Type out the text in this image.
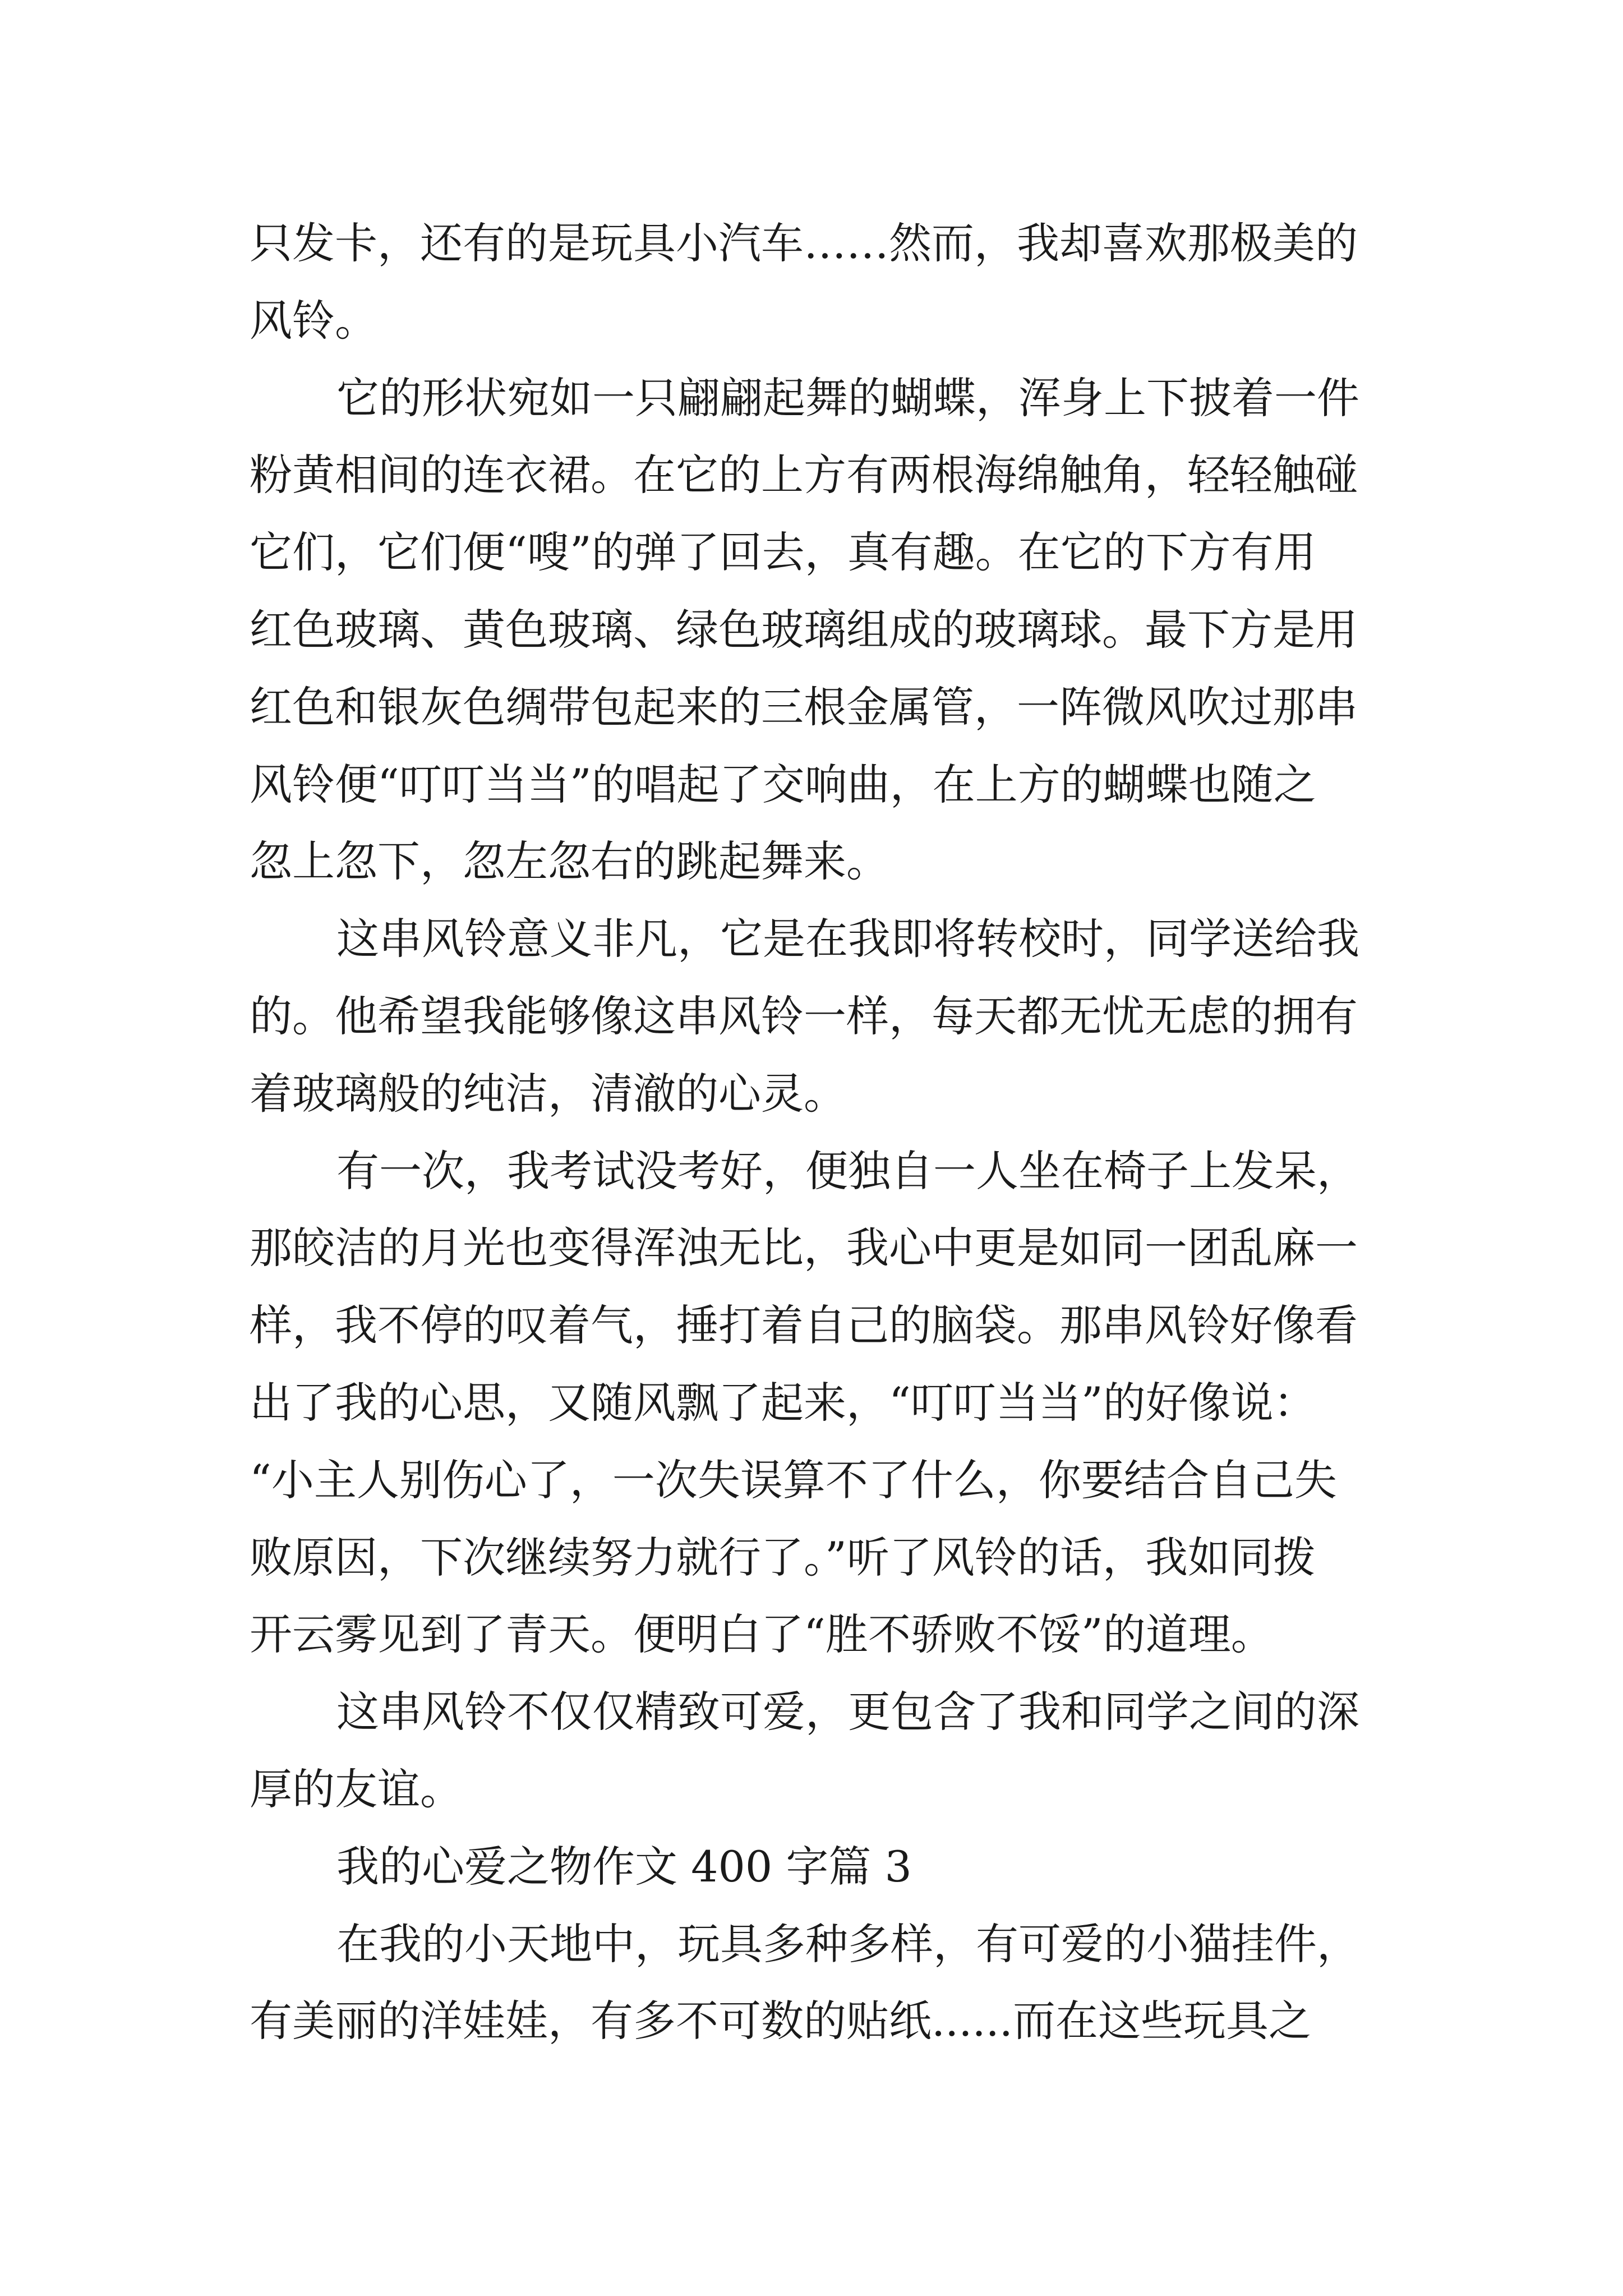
只发卡，还有的是玩具小汽车……然而，我却喜欢那极美的
风铃。
它的形状宛如一只翩翩起舞的蝴蝶，浑身上下披着一件
粉黄相间的连衣裙。在它的上方有两根海绵触角，轻轻触碰
它们，它们便“嗖”的弹了回去，真有趣。在它的下方有用
红色玻璃、黄色玻璃、绿色玻璃组成的玻璃球。最下方是用
红色和银灰色绸带包起来的三根金属管，一阵微风吹过那串
风铃便“叮叮当当”的唱起了交响曲，在上方的蝴蝶也随之
忽上忽下，忽左忽右的跳起舞来。
这串风铃意义非凡，它是在我即将转校时，同学送给我
的。他希望我能够像这串风铃一样，每天都无忧无虑的拥有
着玻璃般的纯洁，清澈的心灵。
有一次，我考试没考好，便独自一人坐在椅子上发呆，
那皎洁的月光也变得浑浊无比，我心中更是如同一团乱麻一
样，我不停的叹着气，捶打着自己的脑袋。那串风铃好像看
出了我的心思，又随风飘了起来，“叮叮当当”的好像说：
“小主人别伤心了，一次失误算不了什么，你要结合自己失
败原因，下次继续努力就行了。”听了风铃的话，我如同拨
开云雾见到了青天。便明白了“胜不骄败不馁”的道理。
这串风铃不仅仅精致可爱，更包含了我和同学之间的深
厚的友谊。
我的心爱之物作文 400 字篇 3
在我的小天地中，玩具多种多样，有可爱的小猫挂件，
有美丽的洋娃娃，有多不可数的贴纸......而在这些玩具之
